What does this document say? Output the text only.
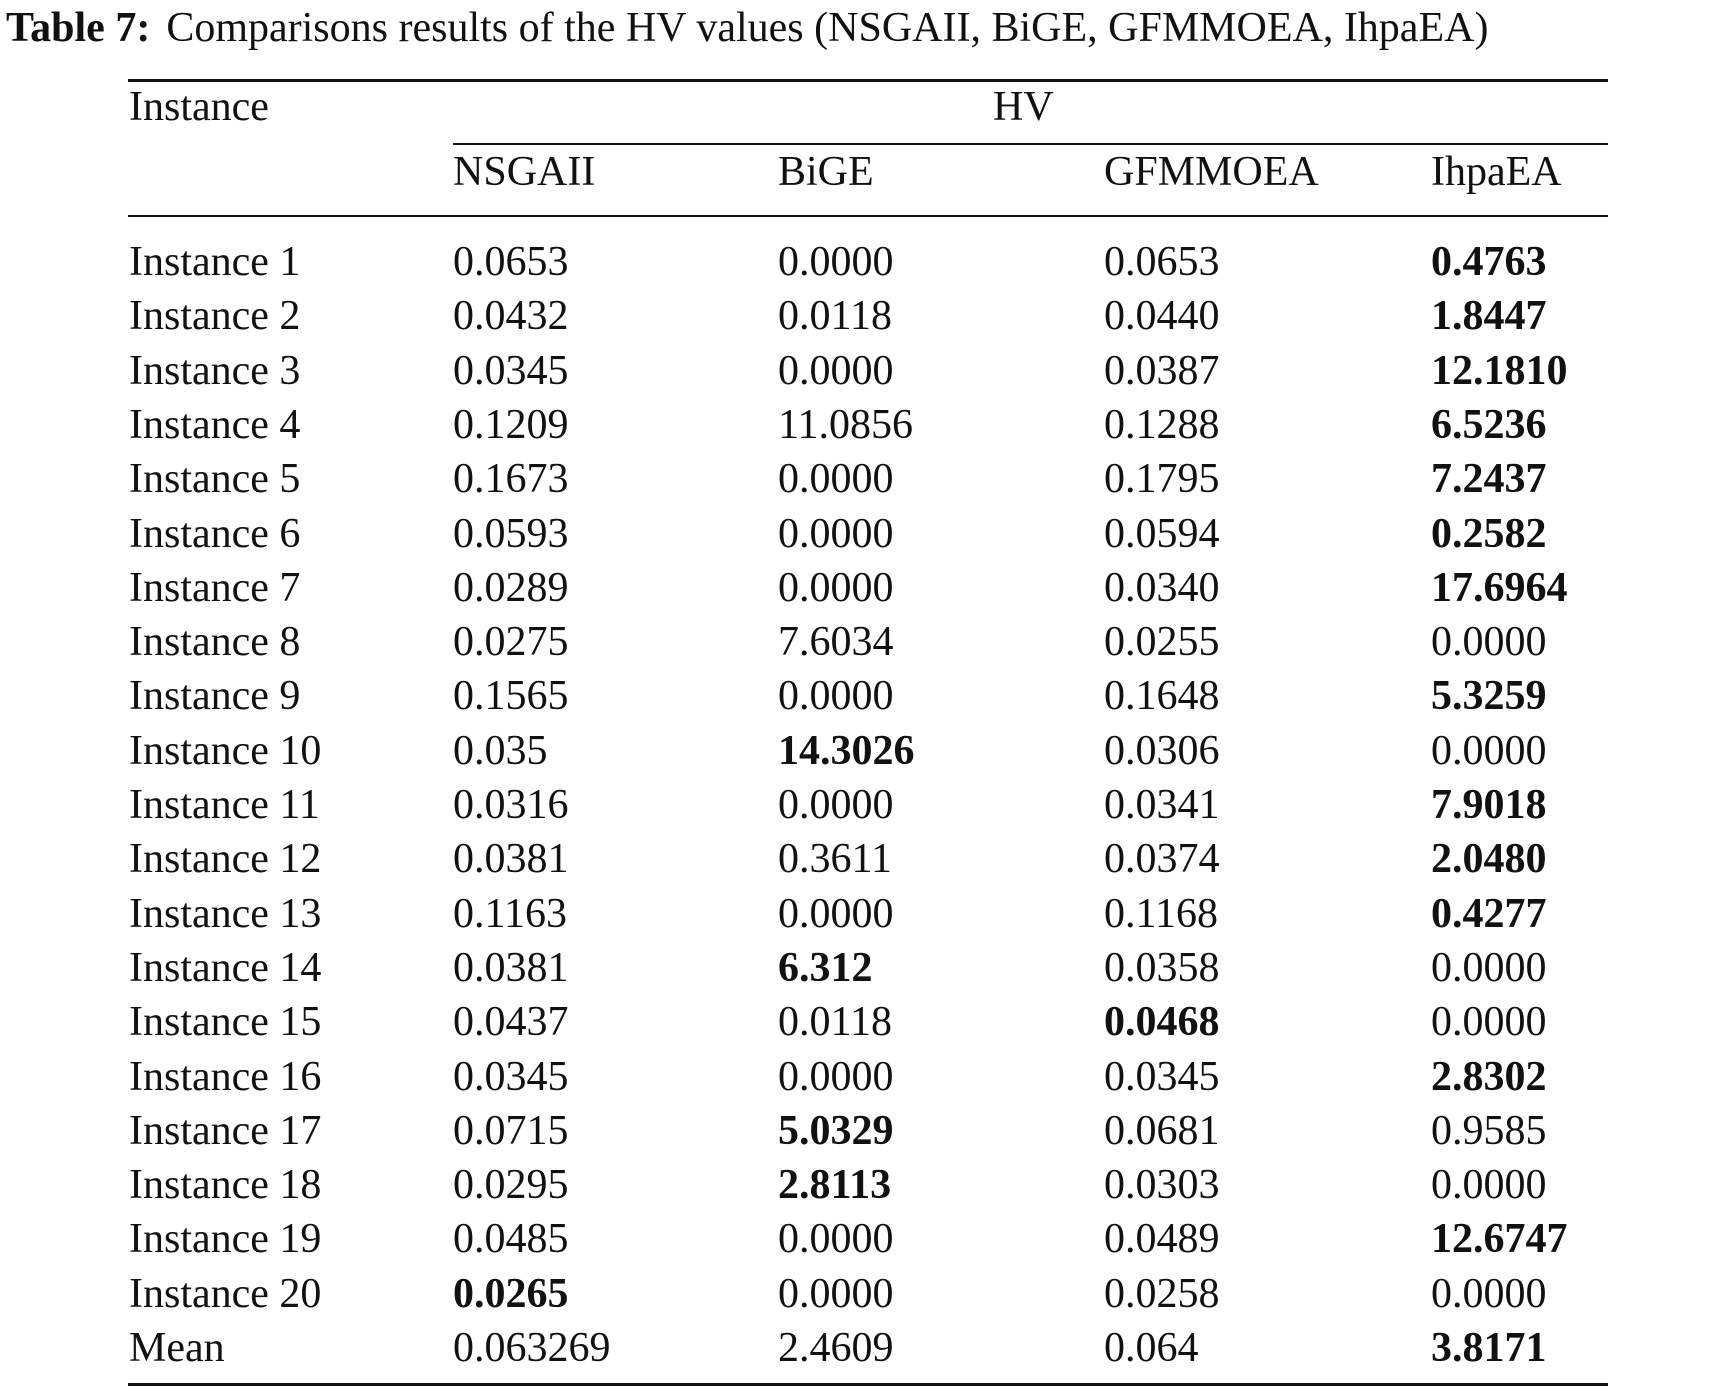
Table 7: Comparisons results of the HV values (NSGAII, BiGE, GFMMOEA, IhpaEA)
Instance	HV
NSGAII	BiGE	GFMMOEA	IhpaEA
Instance 1	0.0653	0.0000	0.0653	0.4763
Instance 2	0.0432	0.0118	0.0440	1.8447
Instance 3	0.0345	0.0000	0.0387	12.1810
Instance 4	0.1209	11.0856	0.1288	6.5236
Instance 5	0.1673	0.0000	0.1795	7.2437
Instance 6	0.0593	0.0000	0.0594	0.2582
Instance 7	0.0289	0.0000	0.0340	17.6964
Instance 8	0.0275	7.6034	0.0255	0.0000
Instance 9	0.1565	0.0000	0.1648	5.3259
Instance 10	0.035	14.3026	0.0306	0.0000
Instance 11	0.0316	0.0000	0.0341	7.9018
Instance 12	0.0381	0.3611	0.0374	2.0480
Instance 13	0.1163	0.0000	0.1168	0.4277
Instance 14	0.0381	6.312	0.0358	0.0000
Instance 15	0.0437	0.0118	0.0468	0.0000
Instance 16	0.0345	0.0000	0.0345	2.8302
Instance 17	0.0715	5.0329	0.0681	0.9585
Instance 18	0.0295	2.8113	0.0303	0.0000
Instance 19	0.0485	0.0000	0.0489	12.6747
Instance 20	0.0265	0.0000	0.0258	0.0000
Mean	0.063269	2.4609	0.064	3.8171
